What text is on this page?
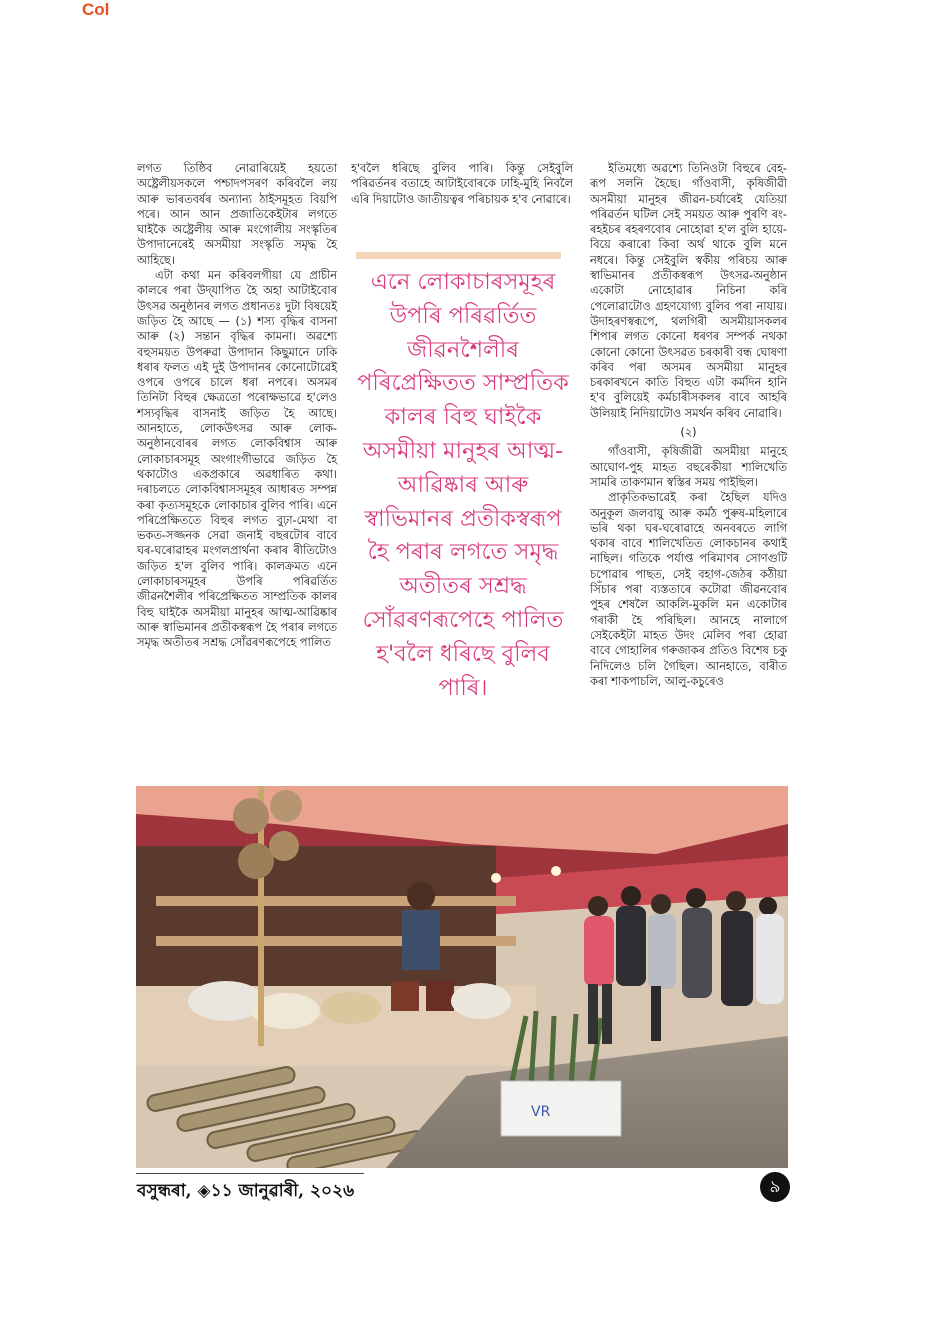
Col

লগত তিষ্ঠিব নোৱাৰিয়েই হয়তো অষ্ট্ৰেলীয়সকলে পশ্চাদপসৰণ কৰিবলৈ লয় আৰু ভাৰতবৰ্ষৰ অন্যান্য ঠাইসমূহত বিয়পি পৰে। আন আন প্ৰজাতিকেইটাৰ লগতে ঘাইকৈ অষ্ট্ৰেলীয় আৰু মংগোলীয় সংস্কৃতিৰ উপাদানেৰেই অসমীয়া সংস্কৃতি সমৃদ্ধ হৈ আহিছে।

এটা কথা মন কৰিবলগীয়া যে প্ৰাচীন কালৰে পৰা উদ্‌যাপিত হৈ অহা আটাইবোৰ উৎসৱ অনুষ্ঠানৰ লগত প্ৰধানতঃ দুটা বিষয়েই জড়িত হৈ আছে — (১) শস্য বৃদ্ধিৰ বাসনা আৰু (২) সন্তান বৃদ্ধিৰ কামনা। অৱশ্যে বহুসময়ত উপৰুৱা উপাদান কিছুমানে ঢাকি ধৰাৰ ফলত এই দুই উপাদানৰ কোনোটোৱেই ওপৰে ওপৰে চালে ধৰা নপৰে। অসমৰ তিনিটা বিহুৰ ক্ষেত্ৰতো পৰোক্ষভাৱে হ'লেও শস্যবৃদ্ধিৰ বাসনাই জড়িত হৈ আছে। আনহাতে, লোকউৎসৱ আৰু লোক-অনুষ্ঠানবোৰৰ লগত লোকবিশ্বাস আৰু লোকাচাৰসমূহ অংগাংগীভাৱে জড়িত হৈ থকাটোও একপ্ৰকাৰে অৱধাৰিত কথা। দৰাচলতে লোকবিশ্বাসসমূহৰ আধাৰত সম্পন্ন কৰা কৃত্যসমূহকে লোকাচাৰ বুলিব পাৰি। এনে পৰিপ্ৰেক্ষিততে বিহুৰ লগত বুঢ়া-মেথা বা ভকত-সজ্জনক সেৱা জনাই বছৰটোৰ বাবে ঘৰ-ঘৰোৱাহৰ মংগলপ্ৰাৰ্থনা কৰাৰ ৰীতিটোও জড়িত হ'ল বুলিব পাৰি। কালক্ৰমত এনে লোকাচাৰসমূহৰ উপৰি পৰিৱৰ্তিত জীৱনশৈলীৰ পৰিপ্ৰেক্ষিতত সাম্প্ৰতিক কালৰ বিহু ঘাইকৈ অসমীয়া মানুহৰ আত্ম-আৱিষ্কাৰ আৰু স্বাভিমানৰ প্ৰতীকস্বৰূপ হৈ পৰাৰ লগতে সমৃদ্ধ অতীতৰ সশ্ৰদ্ধ সোঁৱৰণৰূপেহে পালিত

হ'বলৈ ধৰিছে বুলিব পাৰি। কিন্তু সেইবুলি পৰিৱৰ্তনৰ বতাহে আটাইবোৰকে ঢাহি-মুহি নিবলৈ এৰি দিয়াটোও জাতীয়ত্বৰ পৰিচায়ক হ'ব নোৱাৰে।

এনে লোকাচাৰসমূহৰ উপৰি পৰিৱৰ্তিত জীৱনশৈলীৰ পৰিপ্ৰেক্ষিতত সাম্প্ৰতিক কালৰ বিহু ঘাইকৈ অসমীয়া মানুহৰ আত্ম-আৱিষ্কাৰ আৰু স্বাভিমানৰ প্ৰতীকস্বৰূপ হৈ পৰাৰ লগতে সমৃদ্ধ অতীতৰ সশ্ৰদ্ধ সোঁৱৰণৰূপেহে পালিত হ'বলৈ ধৰিছে বুলিব পাৰি।

ইতিমধ্যে অৱশ্যে তিনিওটা বিহুৰে বেহ-ৰূপ সলনি হৈছে। গাঁওবাসী, কৃষিজীৱী অসমীয়া মানুহৰ জীৱন-চৰ্যাৰেই যেতিয়া পৰিৱৰ্তন ঘটিল সেই সময়ত আৰু পুৰণি ৰং-ৰহইচৰ ৰহৰণবোৰ নোহোৱা হ'ল বুলি হায়ে-বিয়ে কৰাৰো কিবা অৰ্থ থাকে বুলি মনে নধৰে। কিন্তু সেইবুলি স্বকীয় পৰিচয় আৰু স্বাভিমানৰ প্ৰতীকস্বৰূপ উৎসৱ-অনুষ্ঠান একোটা নোহোৱাৰ নিচিনা কৰি পেলোৱাটোও গ্ৰহণযোগ্য বুলিব পৰা নাযায়। উদাহৰণস্বৰূপে, থলগিৰী অসমীয়াসকলৰ শিপাৰ লগত কোনো ধৰণৰ সম্পৰ্ক নথকা কোনো কোনো উৎসৱত চৰকাৰী বন্ধ ঘোষণা কৰিব পৰা অসমৰ অসমীয়া মানুহৰ চৰকাৰখনে কাতি বিহুত এটা কৰ্মদিন হানি হ'ব বুলিয়েই কৰ্মচাৰীসকলৰ বাবে আহৰি উলিয়াই নিদিয়াটোও সমৰ্থন কৰিব নোৱাৰি।

(২)

গাঁওবাসী, কৃষিজীৱী অসমীয়া মানুহে আঘোণ-পুহ মাহত বছৰেকীয়া শালিখেতি সামৰি তাকণমান স্বস্তিৰ সময় পাইছিল।

প্ৰাকৃতিকভাৱেই কৰা হৈছিল যদিও অনুকূল জলবায়ু আৰু কৰ্মঠ পুৰুষ-মহিলাৰে ভৰি থকা ঘৰ-ঘৰোৱাহে অনবৰতে লাগি থকাৰ বাবে শালিখেতিত লোকচানৰ কথাই নাছিল। গতিকে পৰ্যাপ্ত পৰিমাণৰ সোণগুটি চপোৱাৰ পাছত, সেই বহাগ-জেঠৰ কঠীয়া সিঁচাৰ পৰা ব্যস্ততাৰে কটোৱা জীৱনবোৰ পুহৰ শেষলৈ আকলি-মুকলি মন একোটাৰ গৰাকী হৈ পৰিছিল। আনহে নালাগে সেইকেইটা মাহত উদং মেলিব পৰা হোৱা বাবে গোহালিৰ গৰুজাকৰ প্ৰতিও বিশেষ চকু নিদিলেও চলি গৈছিল। আনহাতে, বাৰীত কৰা শাকপাচলি, আলু-কচুৰেও

VR
বসুন্ধৰা, ◈১১ জানুৱাৰী, ২০২৬	৯
